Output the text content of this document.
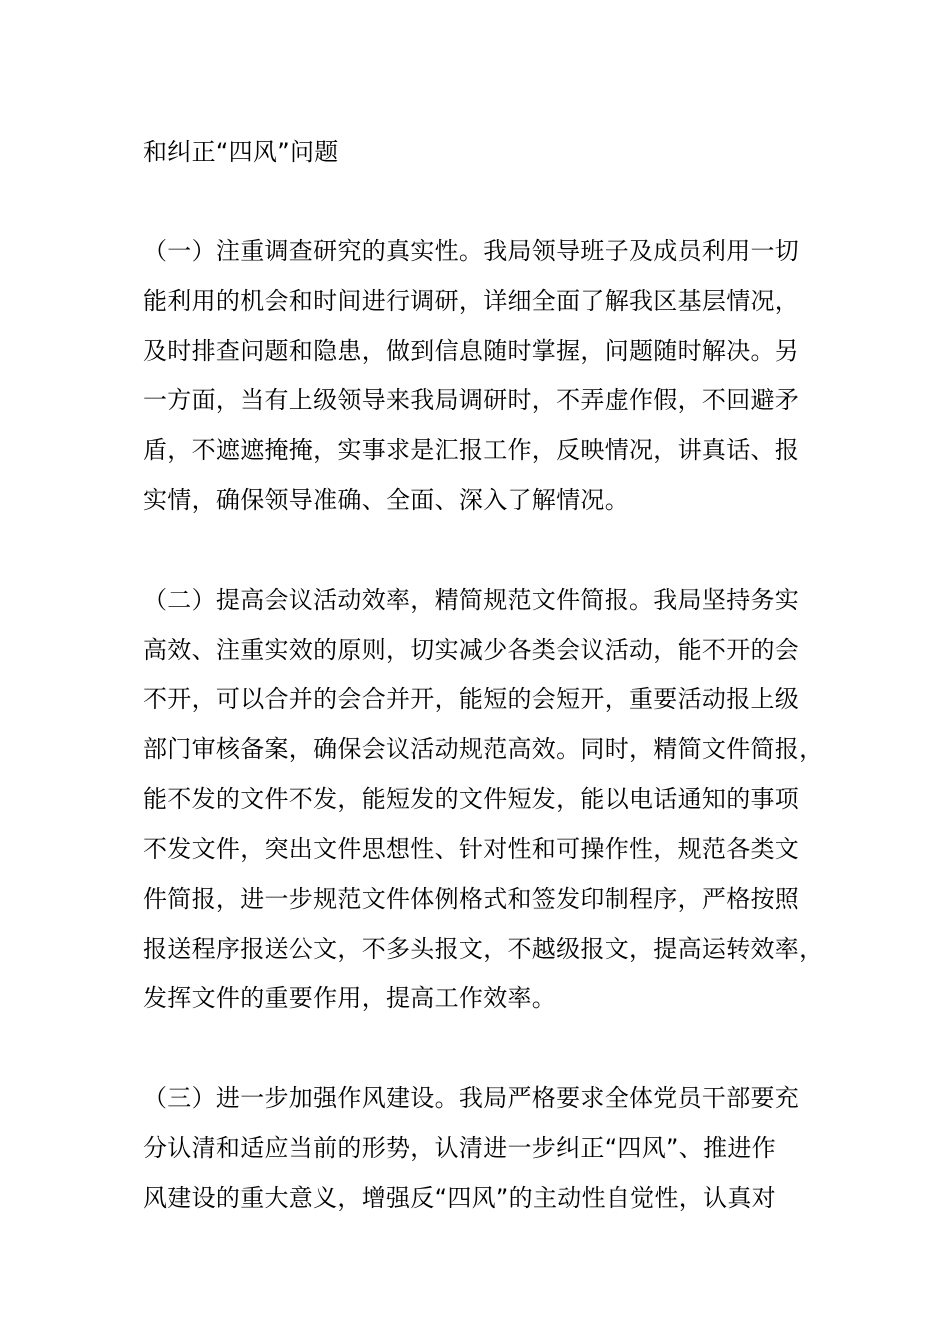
和纠正“四风”问题
（一）注重调查研究的真实性。我局领导班子及成员利用一切
能利用的机会和时间进行调研，详细全面了解我区基层情况，
及时排查问题和隐患，做到信息随时掌握，问题随时解决。另
一方面，当有上级领导来我局调研时，不弄虚作假，不回避矛
盾，不遮遮掩掩，实事求是汇报工作，反映情况，讲真话、报
实情，确保领导准确、全面、深入了解情况。
（二）提高会议活动效率，精简规范文件简报。我局坚持务实
高效、注重实效的原则，切实减少各类会议活动，能不开的会
不开，可以合并的会合并开，能短的会短开，重要活动报上级
部门审核备案，确保会议活动规范高效。同时，精简文件简报，
能不发的文件不发，能短发的文件短发，能以电话通知的事项
不发文件，突出文件思想性、针对性和可操作性，规范各类文
件简报，进一步规范文件体例格式和签发印制程序，严格按照
报送程序报送公文，不多头报文，不越级报文，提高运转效率，
发挥文件的重要作用，提高工作效率。
（三）进一步加强作风建设。我局严格要求全体党员干部要充
分认清和适应当前的形势，认清进一步纠正“四风”、推进作
风建设的重大意义，增强反“四风”的主动性自觉性，认真对
